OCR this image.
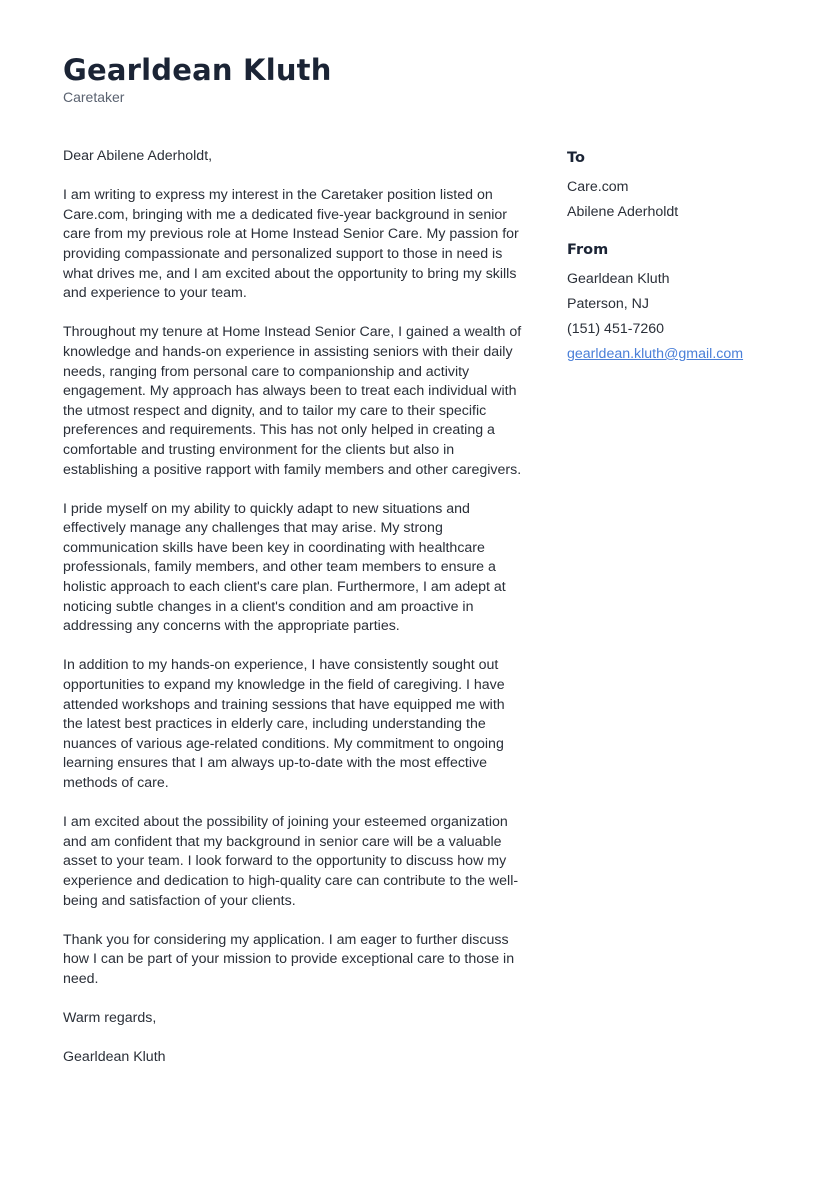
Gearldean Kluth

Caretaker

Dear Abilene Aderholdt,

I am writing to express my interest in the Caretaker position listed on Care.com, bringing with me a dedicated five-year background in senior care from my previous role at Home Instead Senior Care. My passion for providing compassionate and personalized support to those in need is what drives me, and I am excited about the opportunity to bring my skills and experience to your team.

Throughout my tenure at Home Instead Senior Care, I gained a wealth of knowledge and hands-on experience in assisting seniors with their daily needs, ranging from personal care to companionship and activity engagement. My approach has always been to treat each individual with the utmost respect and dignity, and to tailor my care to their specific preferences and requirements. This has not only helped in creating a comfortable and trusting environment for the clients but also in establishing a positive rapport with family members and other caregivers.

I pride myself on my ability to quickly adapt to new situations and effectively manage any challenges that may arise. My strong communication skills have been key in coordinating with healthcare professionals, family members, and other team members to ensure a holistic approach to each client's care plan. Furthermore, I am adept at noticing subtle changes in a client's condition and am proactive in addressing any concerns with the appropriate parties.

In addition to my hands-on experience, I have consistently sought out opportunities to expand my knowledge in the field of caregiving. I have attended workshops and training sessions that have equipped me with the latest best practices in elderly care, including understanding the nuances of various age-related conditions. My commitment to ongoing learning ensures that I am always up-to-date with the most effective methods of care.

I am excited about the possibility of joining your esteemed organization and am confident that my background in senior care will be a valuable asset to your team. I look forward to the opportunity to discuss how my experience and dedication to high-quality care can contribute to the well-being and satisfaction of your clients.

Thank you for considering my application. I am eager to further discuss how I can be part of your mission to provide exceptional care to those in need.

Warm regards,

Gearldean Kluth

To
Care.com
Abilene Aderholdt
From
Gearldean Kluth
Paterson, NJ
(151) 451-7260
gearldean.kluth@gmail.com
